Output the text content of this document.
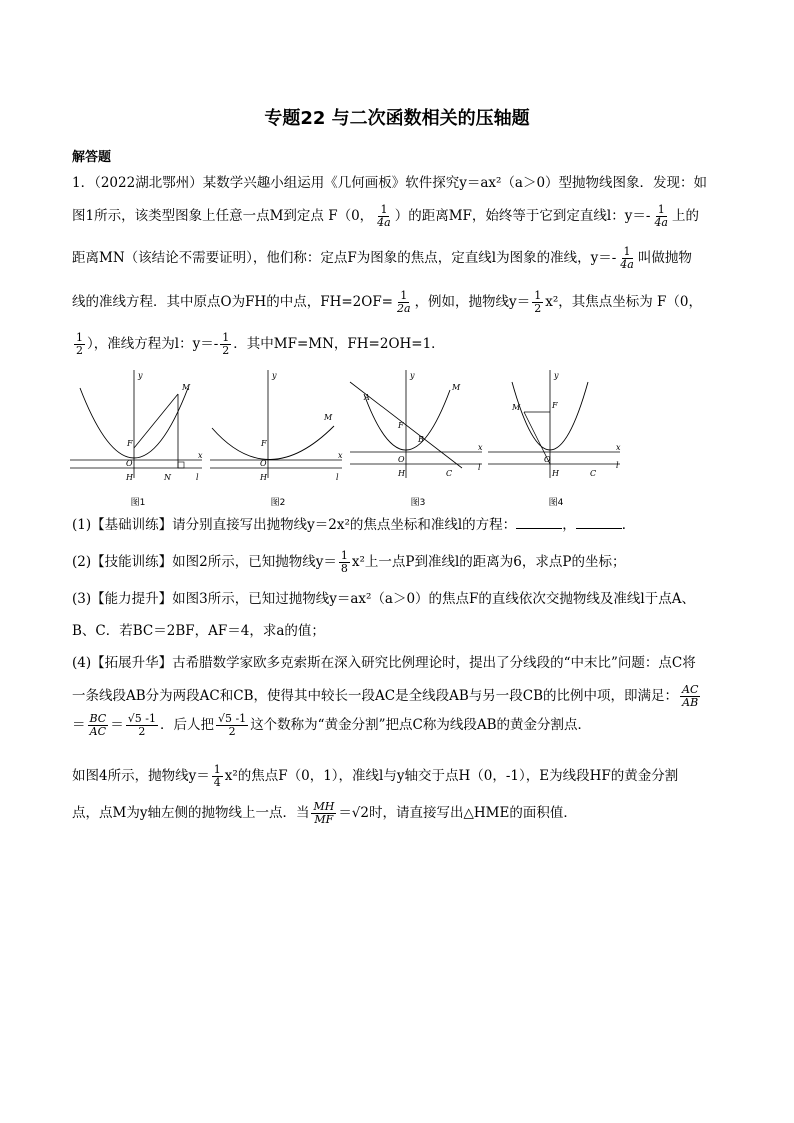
专题22 与二次函数相关的压轴题
解答题
1．（2022湖北鄂州）某数学兴趣小组运用《几何画板》软件探究y＝ax²（a＞0）型抛物线图象．发现：如
图1所示，该类型图象上任意一点M到定点 F（0， $\frac{1}{4a}$ ）的距离MF，始终等于它到定直线l：$y=- \frac{1}{4a}$ 上的
距离MN（该结论不需要证明），他们称：定点F为图象的焦点，定直线l为图象的准线，$y=- \frac{1}{4a}$ 叫做抛物
线的准线方程．其中原点O为FH的中点，$FH=2OF= \frac{1}{2a}$ ，例如，抛物线$y= \frac{1}{2} x^2$，其焦点坐标为 F（0，
$\frac{1}{2}$ ），准线方程为l：$y=- \frac{1}{2}$ ．其中MF=MN，FH=2OH=1．
y
x
O
F
H
M
N	l
图1
y
x
O
F
H
M
l
图2
y
x
O
F
H
M
A
B
C
l
图3
y
x
O
F
H
M
C
l
图4
(1)【基础训练】请分别直接写出抛物线y＝2x²的焦点坐标和准线l的方程：	，	．
(2)【技能训练】如图2所示，已知抛物线$y= \frac{1}{8} x^2$上一点P到准线l的距离为6，求点P的坐标；
(3)【能力提升】如图3所示，已知过抛物线y＝ax²（a＞0）的焦点F的直线依次交抛物线及准线l于点A、
B、C．若BC＝2BF，AF＝4，求a的值；
(4)【拓展升华】古希腊数学家欧多克索斯在深入研究比例理论时，提出了分线段的“中末比”问题：点C将
一条线段AB分为两段AC和CB，使得其中较长一段AC是全线段AB与另一段CB的比例中项，即满足： $\frac{AC}{AB}$
＝ $\frac{BC}{AC} = \frac{√5 -1}{2}$ ．后人把 $\frac{√5 -1}{2}$ 这个数称为“黄金分割”把点C称为线段AB的黄金分割点．
如图4所示，抛物线$y= \frac{1}{4} x^2$的焦点F（0，1），准线l与y轴交于点H（0，-1），E为线段HF的黄金分割
点，点M为y轴左侧的抛物线上一点．当 $\frac{MH}{MF} =√2$时，请直接写出△HME的面积值．
